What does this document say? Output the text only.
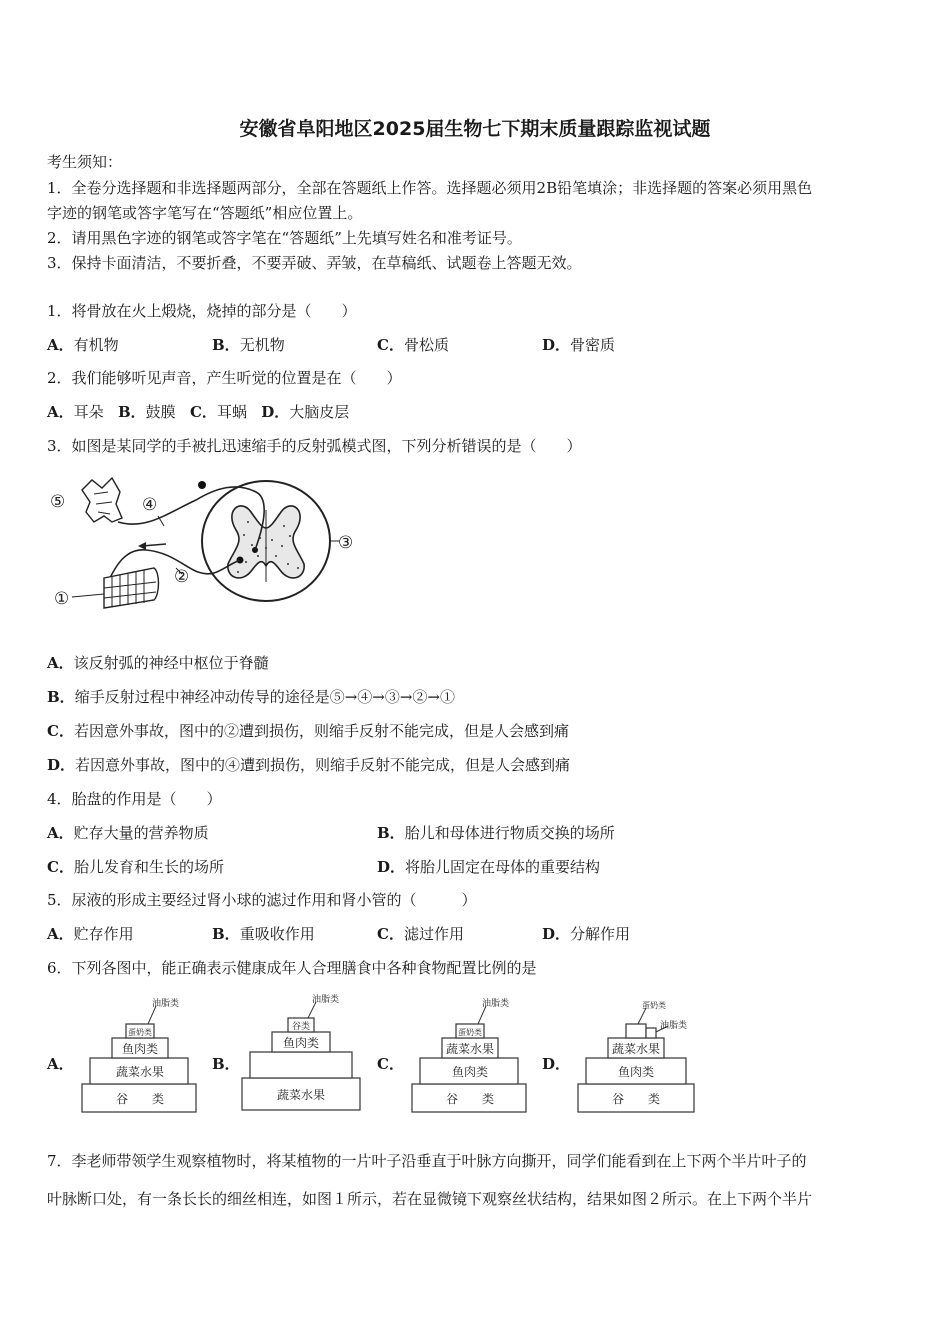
安徽省阜阳地区2025届生物七下期末质量跟踪监视试题
考生须知：
1．全卷分选择题和非选择题两部分，全部在答题纸上作答。选择题必须用2B铅笔填涂；非选择题的答案必须用黑色
字迹的钢笔或答字笔写在“答题纸”相应位置上。
2．请用黑色字迹的钢笔或答字笔在“答题纸”上先填写姓名和准考证号。
3．保持卡面清洁，不要折叠，不要弄破、弄皱，在草稿纸、试题卷上答题无效。
1．将骨放在火上煅烧，烧掉的部分是（　　）
A．有机物	B．无机物	C．骨松质	D．骨密质
2．我们能够听见声音，产生听觉的位置是在（　　）
A．耳朵 B．鼓膜 C．耳蜗 D．大脑皮层
3．如图是某同学的手被扎迅速缩手的反射弧模式图，下列分析错误的是（　　）
⑤	④
③
②
①
A．该反射弧的神经中枢位于脊髓
B．缩手反射过程中神经冲动传导的途径是⑤→④→③→②→①
C．若因意外事故，图中的②遭到损伤，则缩手反射不能完成，但是人会感到痛
D．若因意外事故，图中的④遭到损伤，则缩手反射不能完成，但是人会感到痛
4．胎盘的作用是（　　）
A．贮存大量的营养物质	B．胎儿和母体进行物质交换的场所
C．胎儿发育和生长的场所	D．将胎儿固定在母体的重要结构
5．尿液的形成主要经过肾小球的滤过作用和肾小管的（　　　）
A．贮存作用	B．重吸收作用	C．滤过作用	D．分解作用
6．下列各图中，能正确表示健康成年人合理膳食中各种食物配置比例的是
A．	B．	C．	D．
油脂类
蛋奶类
鱼肉类
蔬菜水果
谷　　类
油脂类
谷类
鱼肉类
蔬菜水果
油脂类
蛋奶类
蔬菜水果
鱼肉类
谷　　类
蛋奶类
油脂类
蔬菜水果
鱼肉类
谷　　类
7．李老师带领学生观察植物时，将某植物的一片叶子沿垂直于叶脉方向撕开，同学们能看到在上下两个半片叶子的
叶脉断口处，有一条长长的细丝相连，如图１所示，若在显微镜下观察丝状结构，结果如图２所示。在上下两个半片
